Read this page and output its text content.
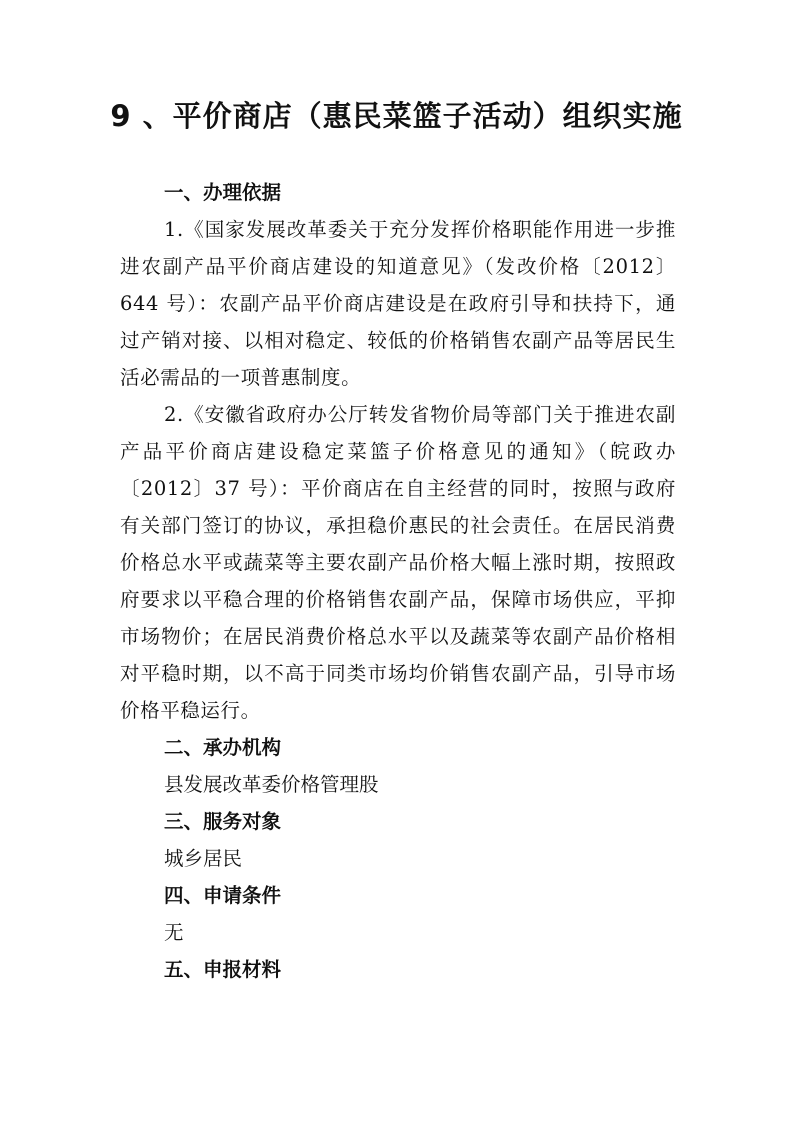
9 、平价商店（惠民菜篮子活动）组织实施

一、办理依据

1.《国家发展改革委关于充分发挥价格职能作用进一步推进农副产品平价商店建设的知道意见》（发改价格〔2012〕644 号）：农副产品平价商店建设是在政府引导和扶持下，通过产销对接、以相对稳定、较低的价格销售农副产品等居民生活必需品的一项普惠制度。

2.《安徽省政府办公厅转发省物价局等部门关于推进农副产品平价商店建设稳定菜篮子价格意见的通知》（皖政办〔2012〕37 号）：平价商店在自主经营的同时，按照与政府有关部门签订的协议，承担稳价惠民的社会责任。在居民消费价格总水平或蔬菜等主要农副产品价格大幅上涨时期，按照政府要求以平稳合理的价格销售农副产品，保障市场供应，平抑市场物价；在居民消费价格总水平以及蔬菜等农副产品价格相对平稳时期，以不高于同类市场均价销售农副产品，引导市场价格平稳运行。

二、承办机构

县发展改革委价格管理股

三、服务对象

城乡居民

四、申请条件

无

五、申报材料
